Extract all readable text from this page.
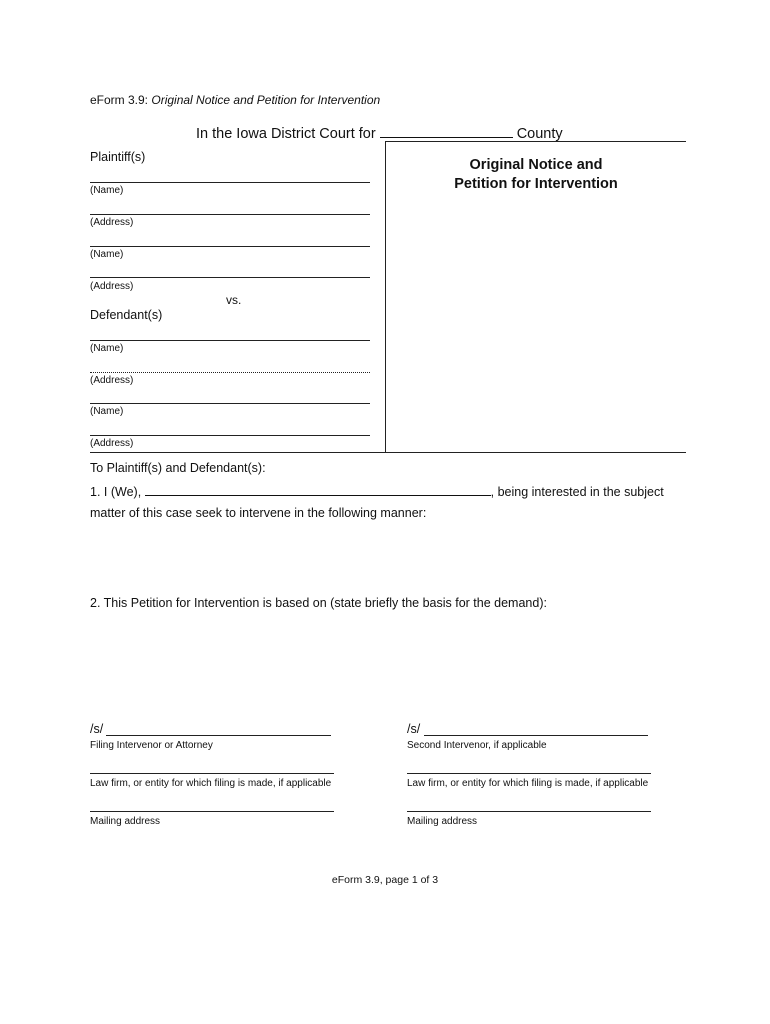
eForm 3.9: Original Notice and Petition for Intervention
In the Iowa District Court for	County
Plaintiff(s)
(Name)
(Address)
(Name)
(Address)
vs.
Defendant(s)
(Name)
(Address)
(Name)
(Address)
Original Notice and
Petition for Intervention
To Plaintiff(s) and Defendant(s):
1. I (We),	, being interested in the subject
matter of this case seek to intervene in the following manner:
2. This Petition for Intervention is based on (state briefly the basis for the demand):
/s/
Filing Intervenor or Attorney
Law firm, or entity for which filing is made, if applicable
Mailing address
/s/
Second Intervenor, if applicable
Law firm, or entity for which filing is made, if applicable
Mailing address
eForm 3.9, page 1 of 3
